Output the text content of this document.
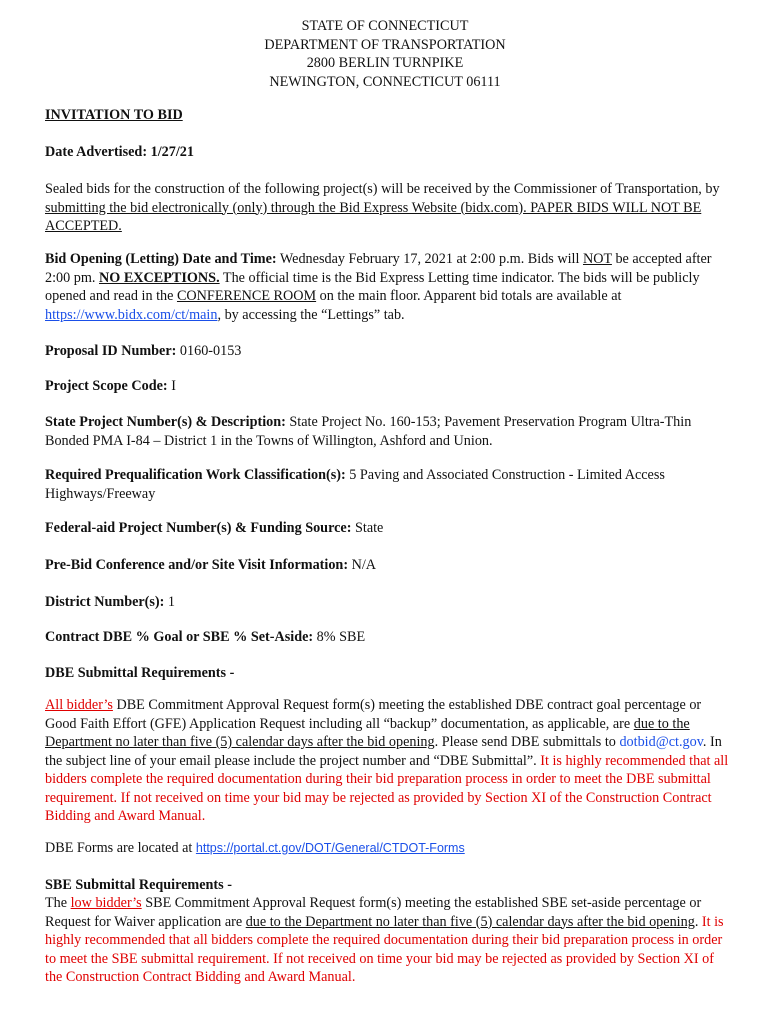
STATE OF CONNECTICUT
DEPARTMENT OF TRANSPORTATION
2800 BERLIN TURNPIKE
NEWINGTON, CONNECTICUT 06111

INVITATION TO BID

Date Advertised: 1/27/21

Sealed bids for the construction of the following project(s) will be received by the Commissioner of Transportation, by submitting the bid electronically (only) through the Bid Express Website (bidx.com). PAPER BIDS WILL NOT BE ACCEPTED.

Bid Opening (Letting) Date and Time: Wednesday February 17, 2021 at 2:00 p.m. Bids will NOT be accepted after 2:00 pm. NO EXCEPTIONS. The official time is the Bid Express Letting time indicator. The bids will be publicly opened and read in the CONFERENCE ROOM on the main floor. Apparent bid totals are available at https://www.bidx.com/ct/main, by accessing the “Lettings” tab.

Proposal ID Number: 0160-0153

Project Scope Code: I

State Project Number(s) & Description: State Project No. 160-153; Pavement Preservation Program Ultra-Thin Bonded PMA I-84 – District 1 in the Towns of Willington, Ashford and Union.

Required Prequalification Work Classification(s): 5 Paving and Associated Construction - Limited Access Highways/Freeway

Federal-aid Project Number(s) & Funding Source: State

Pre-Bid Conference and/or Site Visit Information: N/A

District Number(s): 1

Contract DBE % Goal or SBE % Set-Aside: 8% SBE

DBE Submittal Requirements -

All bidder’s DBE Commitment Approval Request form(s) meeting the established DBE contract goal percentage or Good Faith Effort (GFE) Application Request including all “backup” documentation, as applicable, are due to the Department no later than five (5) calendar days after the bid opening. Please send DBE submittals to dotbid@ct.gov. In the subject line of your email please include the project number and “DBE Submittal”. It is highly recommended that all bidders complete the required documentation during their bid preparation process in order to meet the DBE submittal requirement. If not received on time your bid may be rejected as provided by Section XI of the Construction Contract Bidding and Award Manual.

DBE Forms are located at https://portal.ct.gov/DOT/General/CTDOT-Forms

SBE Submittal Requirements -

The low bidder’s SBE Commitment Approval Request form(s) meeting the established SBE set-aside percentage or Request for Waiver application are due to the Department no later than five (5) calendar days after the bid opening. It is highly recommended that all bidders complete the required documentation during their bid preparation process in order to meet the SBE submittal requirement. If not received on time your bid may be rejected as provided by Section XI of the Construction Contract Bidding and Award Manual.
